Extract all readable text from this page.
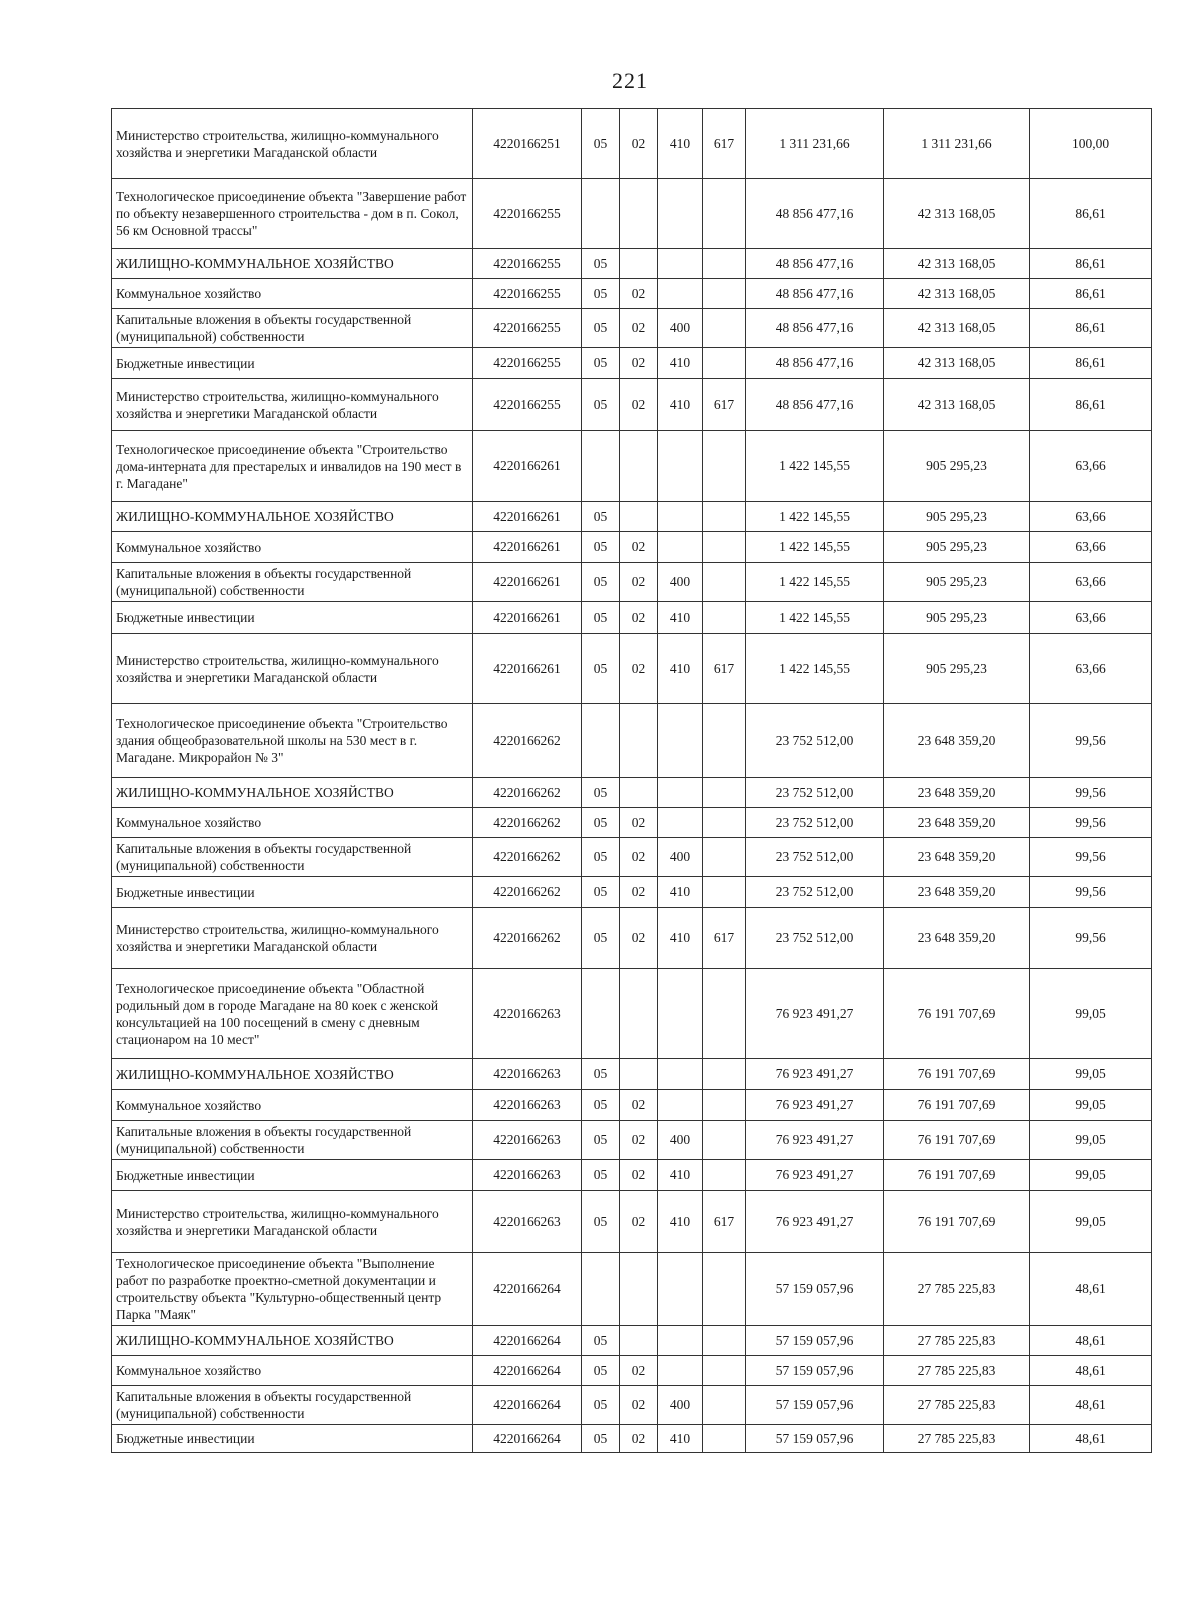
221
Министерство строительства, жилищно-коммунального хозяйства и энергетики Магаданской области	4220166251	05	02	410	617	1 311 231,66	1 311 231,66	100,00
Технологическое присоединение объекта "Завершение работ по объекту незавершенного строительства - дом в п. Сокол, 56 км Основной трассы"	4220166255					48 856 477,16	42 313 168,05	86,61
ЖИЛИЩНО-КОММУНАЛЬНОЕ ХОЗЯЙСТВО	4220166255	05				48 856 477,16	42 313 168,05	86,61
Коммунальное хозяйство	4220166255	05	02			48 856 477,16	42 313 168,05	86,61
Капитальные вложения в объекты государственной (муниципальной) собственности	4220166255	05	02	400		48 856 477,16	42 313 168,05	86,61
Бюджетные инвестиции	4220166255	05	02	410		48 856 477,16	42 313 168,05	86,61
Министерство строительства, жилищно-коммунального хозяйства и энергетики Магаданской области	4220166255	05	02	410	617	48 856 477,16	42 313 168,05	86,61
Технологическое присоединение объекта "Строительство дома-интерната для престарелых и инвалидов на 190 мест в г. Магадане"	4220166261					1 422 145,55	905 295,23	63,66
ЖИЛИЩНО-КОММУНАЛЬНОЕ ХОЗЯЙСТВО	4220166261	05				1 422 145,55	905 295,23	63,66
Коммунальное хозяйство	4220166261	05	02			1 422 145,55	905 295,23	63,66
Капитальные вложения в объекты государственной (муниципальной) собственности	4220166261	05	02	400		1 422 145,55	905 295,23	63,66
Бюджетные инвестиции	4220166261	05	02	410		1 422 145,55	905 295,23	63,66
Министерство строительства, жилищно-коммунального хозяйства и энергетики Магаданской области	4220166261	05	02	410	617	1 422 145,55	905 295,23	63,66
Технологическое присоединение объекта "Строительство здания общеобразовательной школы на 530 мест в г. Магадане. Микрорайон № 3"	4220166262					23 752 512,00	23 648 359,20	99,56
ЖИЛИЩНО-КОММУНАЛЬНОЕ ХОЗЯЙСТВО	4220166262	05				23 752 512,00	23 648 359,20	99,56
Коммунальное хозяйство	4220166262	05	02			23 752 512,00	23 648 359,20	99,56
Капитальные вложения в объекты государственной (муниципальной) собственности	4220166262	05	02	400		23 752 512,00	23 648 359,20	99,56
Бюджетные инвестиции	4220166262	05	02	410		23 752 512,00	23 648 359,20	99,56
Министерство строительства, жилищно-коммунального хозяйства и энергетики Магаданской области	4220166262	05	02	410	617	23 752 512,00	23 648 359,20	99,56
Технологическое присоединение объекта "Областной родильный дом в городе Магадане на 80 коек с женской консультацией на 100 посещений в смену с дневным стационаром на 10 мест"	4220166263					76 923 491,27	76 191 707,69	99,05
ЖИЛИЩНО-КОММУНАЛЬНОЕ ХОЗЯЙСТВО	4220166263	05				76 923 491,27	76 191 707,69	99,05
Коммунальное хозяйство	4220166263	05	02			76 923 491,27	76 191 707,69	99,05
Капитальные вложения в объекты государственной (муниципальной) собственности	4220166263	05	02	400		76 923 491,27	76 191 707,69	99,05
Бюджетные инвестиции	4220166263	05	02	410		76 923 491,27	76 191 707,69	99,05
Министерство строительства, жилищно-коммунального хозяйства и энергетики Магаданской области	4220166263	05	02	410	617	76 923 491,27	76 191 707,69	99,05
Технологическое присоединение объекта "Выполнение работ по разработке проектно-сметной документации и строительству объекта "Культурно-общественный центр Парка "Маяк"	4220166264					57 159 057,96	27 785 225,83	48,61
ЖИЛИЩНО-КОММУНАЛЬНОЕ ХОЗЯЙСТВО	4220166264	05				57 159 057,96	27 785 225,83	48,61
Коммунальное хозяйство	4220166264	05	02			57 159 057,96	27 785 225,83	48,61
Капитальные вложения в объекты государственной (муниципальной) собственности	4220166264	05	02	400		57 159 057,96	27 785 225,83	48,61
Бюджетные инвестиции	4220166264	05	02	410		57 159 057,96	27 785 225,83	48,61
